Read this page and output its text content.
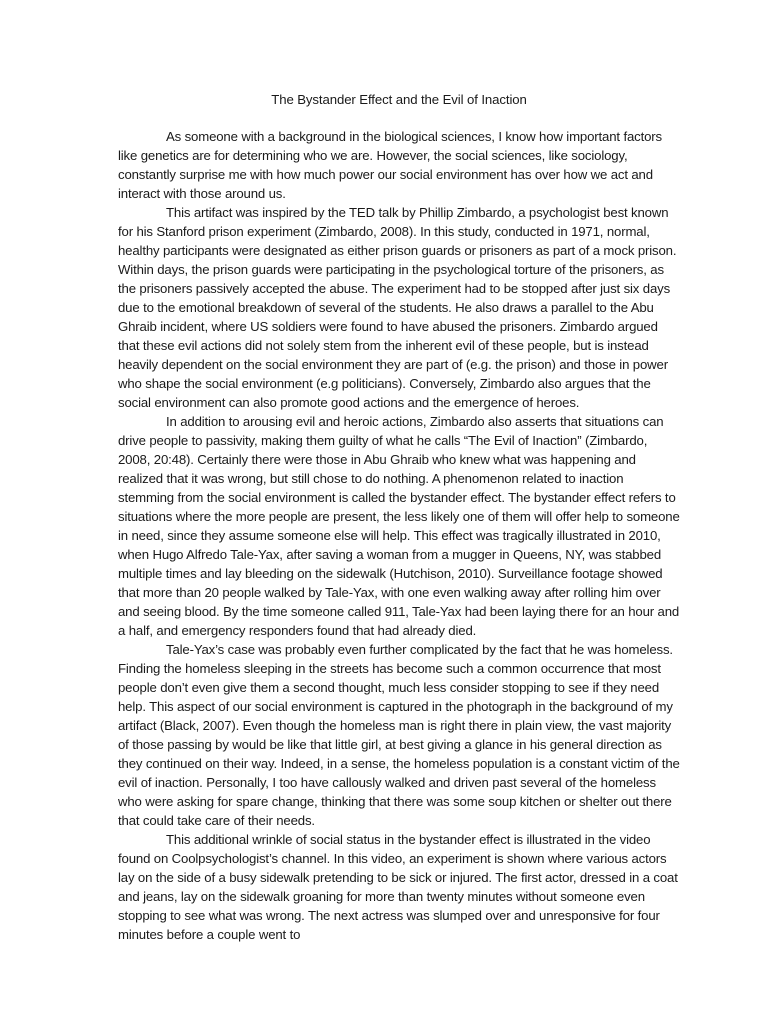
The Bystander Effect and the Evil of Inaction

As someone with a background in the biological sciences, I know how important factors like genetics are for determining who we are. However, the social sciences, like sociology, constantly surprise me with how much power our social environment has over how we act and interact with those around us.

This artifact was inspired by the TED talk by Phillip Zimbardo, a psychologist best known for his Stanford prison experiment (Zimbardo, 2008). In this study, conducted in 1971, normal, healthy participants were designated as either prison guards or prisoners as part of a mock prison. Within days, the prison guards were participating in the psychological torture of the prisoners, as the prisoners passively accepted the abuse. The experiment had to be stopped after just six days due to the emotional breakdown of several of the students. He also draws a parallel to the Abu Ghraib incident, where US soldiers were found to have abused the prisoners. Zimbardo argued that these evil actions did not solely stem from the inherent evil of these people, but is instead heavily dependent on the social environment they are part of (e.g. the prison) and those in power who shape the social environment (e.g politicians). Conversely, Zimbardo also argues that the social environment can also promote good actions and the emergence of heroes.

In addition to arousing evil and heroic actions, Zimbardo also asserts that situations can drive people to passivity, making them guilty of what he calls “The Evil of Inaction” (Zimbardo, 2008, 20:48). Certainly there were those in Abu Ghraib who knew what was happening and realized that it was wrong, but still chose to do nothing. A phenomenon related to inaction stemming from the social environment is called the bystander effect. The bystander effect refers to situations where the more people are present, the less likely one of them will offer help to someone in need, since they assume someone else will help. This effect was tragically illustrated in 2010, when Hugo Alfredo Tale-Yax, after saving a woman from a mugger in Queens, NY, was stabbed multiple times and lay bleeding on the sidewalk (Hutchison, 2010). Surveillance footage showed that more than 20 people walked by Tale-Yax, with one even walking away after rolling him over and seeing blood. By the time someone called 911, Tale-Yax had been laying there for an hour and a half, and emergency responders found that had already died.

Tale-Yax’s case was probably even further complicated by the fact that he was homeless. Finding the homeless sleeping in the streets has become such a common occurrence that most people don’t even give them a second thought, much less consider stopping to see if they need help. This aspect of our social environment is captured in the photograph in the background of my artifact (Black, 2007). Even though the homeless man is right there in plain view, the vast majority of those passing by would be like that little girl, at best giving a glance in his general direction as they continued on their way. Indeed, in a sense, the homeless population is a constant victim of the evil of inaction. Personally, I too have callously walked and driven past several of the homeless who were asking for spare change, thinking that there was some soup kitchen or shelter out there that could take care of their needs.

This additional wrinkle of social status in the bystander effect is illustrated in the video found on Coolpsychologist’s channel. In this video, an experiment is shown where various actors lay on the side of a busy sidewalk pretending to be sick or injured. The first actor, dressed in a coat and jeans, lay on the sidewalk groaning for more than twenty minutes without someone even stopping to see what was wrong. The next actress was slumped over and unresponsive for four minutes before a couple went to
